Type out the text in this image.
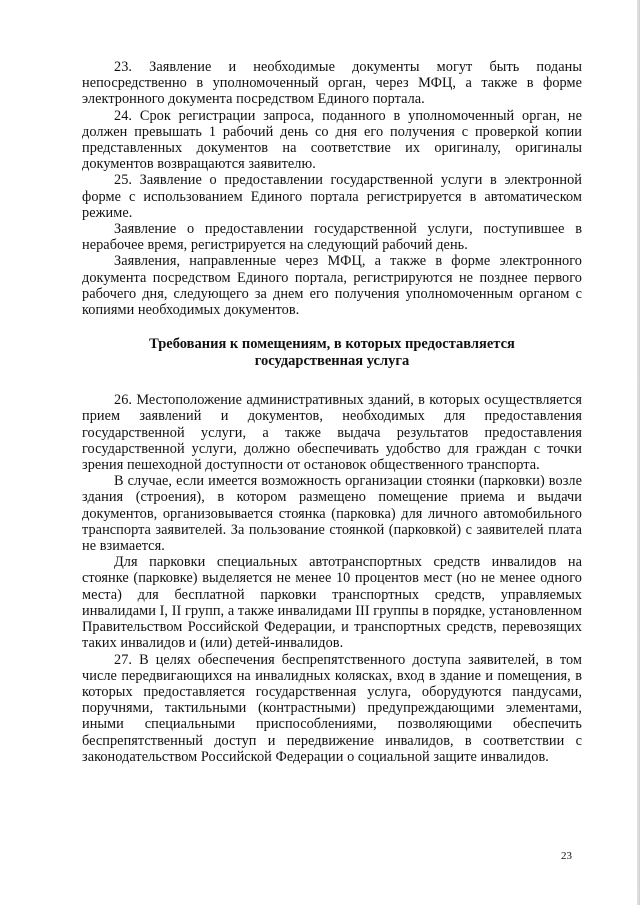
23. Заявление и необходимые документы могут быть поданы непосредственно в уполномоченный орган, через МФЦ, а также в форме электронного документа посредством Единого портала.

24. Срок регистрации запроса, поданного в уполномоченный орган, не должен превышать 1 рабочий день со дня его получения с проверкой копии представленных документов на соответствие их оригиналу, оригиналы документов возвращаются заявителю.

25. Заявление о предоставлении государственной услуги в электронной форме с использованием Единого портала регистрируется в автоматическом режиме.

Заявление о предоставлении государственной услуги, поступившее в нерабочее время, регистрируется на следующий рабочий день.

Заявления, направленные через МФЦ, а также в форме электронного документа посредством Единого портала, регистрируются не позднее первого рабочего дня, следующего за днем его получения уполномоченным органом с копиями необходимых документов.

Требования к помещениям, в которых предоставляется
государственная услуга

26. Местоположение административных зданий, в которых осуществляется прием заявлений и документов, необходимых для предоставления государственной услуги, а также выдача результатов предоставления государственной услуги, должно обеспечивать удобство для граждан с точки зрения пешеходной доступности от остановок общественного транспорта.

В случае, если имеется возможность организации стоянки (парковки) возле здания (строения), в котором размещено помещение приема и выдачи документов, организовывается стоянка (парковка) для личного автомобильного транспорта заявителей. За пользование стоянкой (парковкой) с заявителей плата не взимается.

Для парковки специальных автотранспортных средств инвалидов на стоянке (парковке) выделяется не менее 10 процентов мест (но не менее одного места) для бесплатной парковки транспортных средств, управляемых инвалидами I, II групп, а также инвалидами III группы в порядке, установленном Правительством Российской Федерации, и транспортных средств, перевозящих таких инвалидов и (или) детей-инвалидов.

27. В целях обеспечения беспрепятственного доступа заявителей, в том числе передвигающихся на инвалидных колясках, вход в здание и помещения, в которых предоставляется государственная услуга, оборудуются пандусами, поручнями, тактильными (контрастными) предупреждающими элементами, иными специальными приспособлениями, позволяющими обеспечить беспрепятственный доступ и передвижение инвалидов, в соответствии с законодательством Российской Федерации о социальной защите инвалидов.

23
